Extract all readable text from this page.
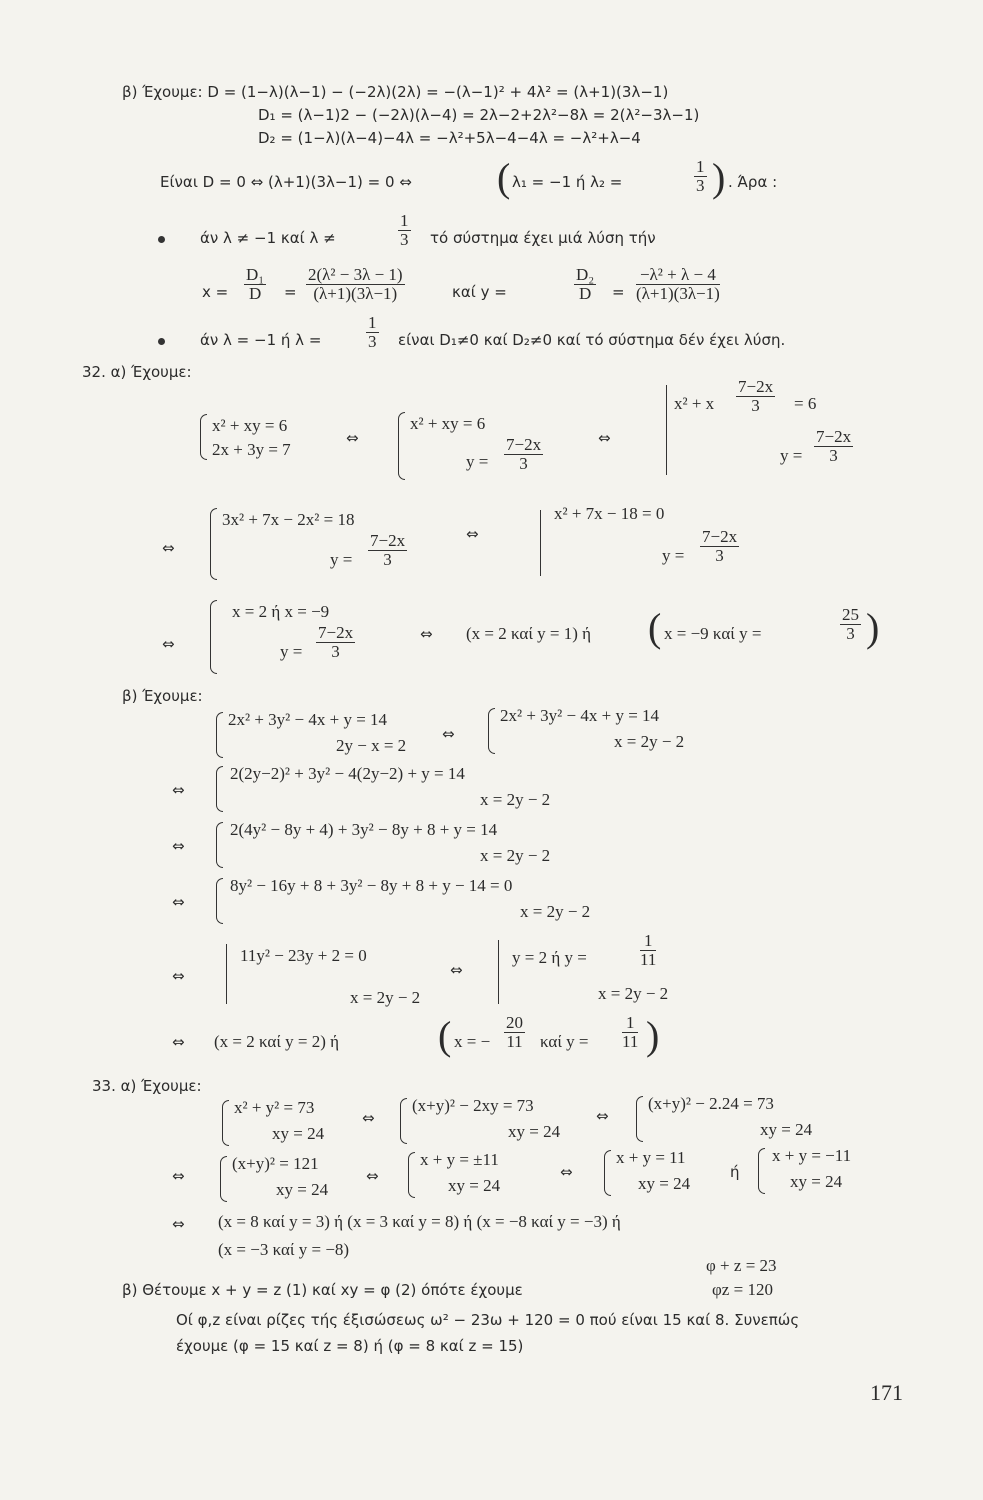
β) Έχουμε: D = (1−λ)(λ−1) − (−2λ)(2λ) = −(λ−1)² + 4λ² = (λ+1)(3λ−1)
D₁ = (λ−1)2 − (−2λ)(λ−4) = 2λ−2+2λ²−8λ = 2(λ²−3λ−1)
D₂ = (1−λ)(λ−4)−4λ = −λ²+5λ−4−4λ = −λ²+λ−4
Είναι D = 0 ⇔ (λ+1)(3λ−1) = 0 ⇔ ( λ₁ = −1 ή λ₂ =	$\frac{1}{3}$ ) . Άρα :
άν λ ≠ −1 καί λ ≠	$\frac{1}{3}$ τό σύστημα έχει μιά λύση τήν
$x = \frac{\text{D₁}}{D} = \frac{\text{2(λ² − 3λ − 1)}}{(\lambda+1)(3\lambda-1)}$	καί y =	$\frac{\text{D₂}}{D} = \frac{\text{−λ² + λ − 4}}{(\lambda+1)(3\lambda-1)}$
άν λ = −1 ή λ =	$\frac{1}{3}$ είναι D₁≠0 καί D₂≠0 καί τό σύστημα δέν έχει λύση.
32. α) Έχουμε:
x² + x $\frac{7-2x}{3} = 6$
x² + xy = 6
2x + 3y = 7
⇔
x² + xy = 6
$y = \frac{7-2x}{3}$	⇔
$y = \frac{7-2x}{3}$
⇔
3x² + 7x − 2x² = 18
$y = \frac{7-2x}{3}$	⇔
x² + 7x − 18 = 0
$y = \frac{7-2x}{3}$
⇔
x = 2 ή x = −9
$y = \frac{7-2x}{3}$	⇔ (x = 2 καί y = 1) ή ( x = −9 καί y =	$\frac{25}{3}$ )
β) Έχουμε:
2x² + 3y² − 4x + y = 14
2y − x = 2
⇔
2x² + 3y² − 4x + y = 14
x = 2y − 2
⇔
2(2y−2)² + 3y² − 4(2y−2) + y = 14
x = 2y − 2
⇔
2(4y² − 8y + 4) + 3y² − 8y + 8 + y = 14
x = 2y − 2
⇔
8y² − 16y + 8 + 3y² − 8y + 8 + y − 14 = 0
x = 2y − 2
⇔
11y² − 23y + 2 = 0
x = 2y − 2
⇔
y = 2 ή y =	$\frac{1}{11}$
x = 2y − 2
⇔ (x = 2 καί y = 2) ή ( x = − $\frac{20}{11}$ καί $y = \frac{1}{11}$ )
33. α) Έχουμε:
x² + y² = 73
xy = 24
⇔
(x+y)² − 2xy = 73
xy = 24
⇔
(x+y)² − 2.24 = 73
xy = 24
⇔
(x+y)² = 121
xy = 24
⇔
x + y = ±11
xy = 24
⇔
x + y = 11
xy = 24
ή
x + y = −11
xy = 24
⇔ (x = 8 καί y = 3) ή (x = 3 καί y = 8) ή (x = −8 καί y = −3) ή
(x = −3 καί y = −8)
φ + z = 23
β) Θέτουμε x + y = z (1) καί xy = φ (2) όπότε έχουμε	φz = 120
Οί φ,z είναι ρίζες τής έξισώσεως ω² − 23ω + 120 = 0 πού είναι 15 καί 8. Συνεπώς
έχουμε (φ = 15 καί z = 8) ή (φ = 8 καί z = 15)
171
